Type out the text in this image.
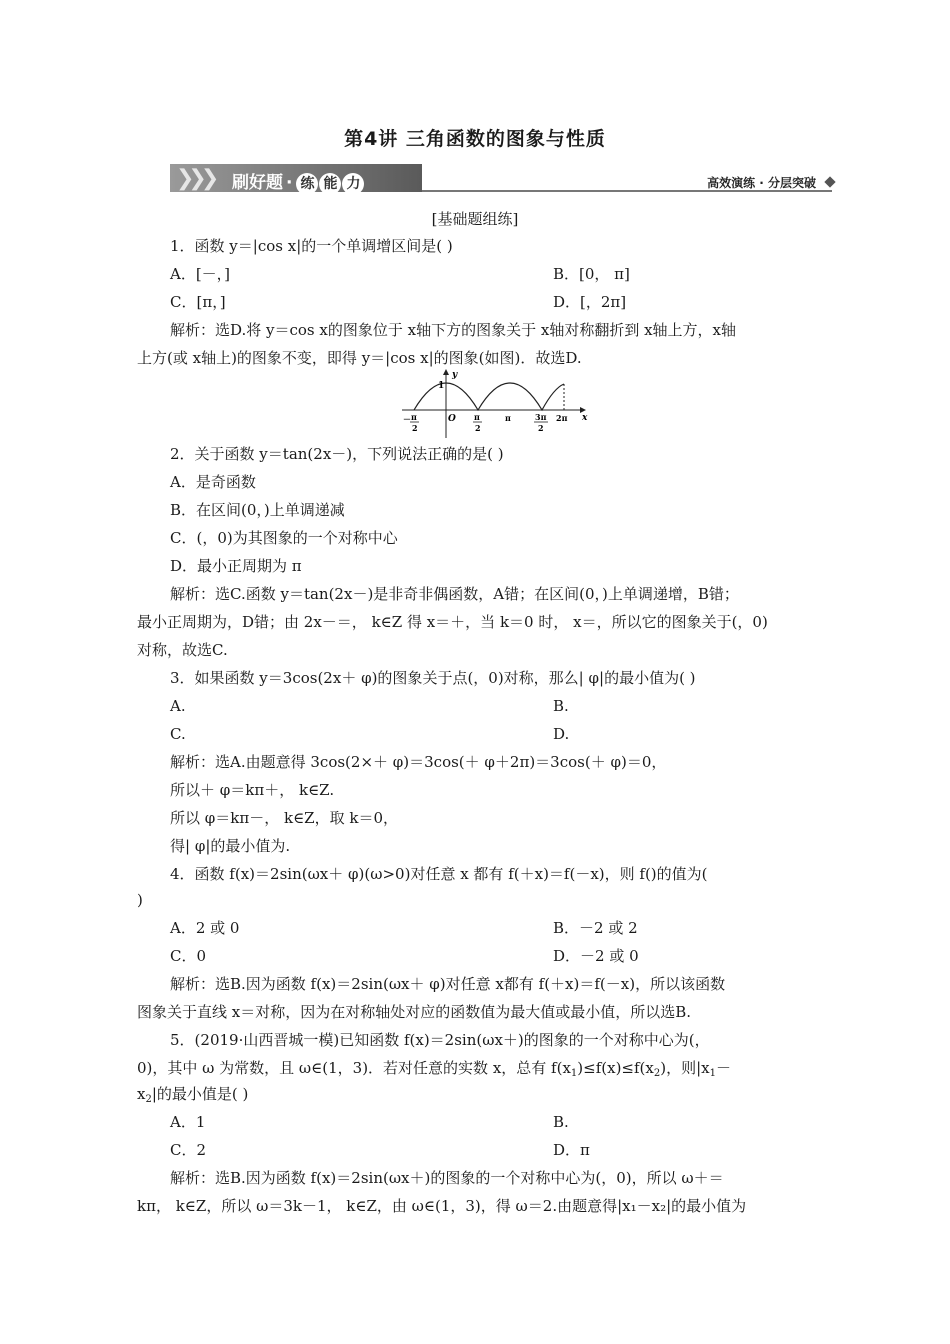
第4讲 三角函数的图象与性质
❯❯❯ 刷好题 · 练 能 力	高效演练 · 分层突破
[基础题组练]
1．函数 y＝|cos x|的一个单调增区间是( )
A．[－，]	B．[0， π]
C．[π，]	D．[，2π]
解析：选D.将 y＝cos x的图象位于 x轴下方的图象关于 x轴对称翻折到 x轴上方，x轴
上方(或 x轴上)的图象不变，即得 y＝|cos x|的图象(如图)．故选D.
y
x
1
O
－ π
2
π
2
π	3π
2
2π
2．关于函数 y＝tan(2x－)，下列说法正确的是( )
A．是奇函数
B．在区间(0，)上单调递减
C．(，0)为其图象的一个对称中心
D．最小正周期为 π
解析：选C.函数 y＝tan(2x－)是非奇非偶函数，A错；在区间(0，)上单调递增，B错；
最小正周期为，D错；由 2x－＝， k∈Z 得 x＝＋，当 k＝0 时， x＝，所以它的图象关于(，0)
对称，故选C.
3．如果函数 y＝3cos(2x＋ φ)的图象关于点(，0)对称，那么| φ|的最小值为( )
A.	B.
C.	D.
解析：选A.由题意得 3cos(2×＋ φ)＝3cos(＋ φ＋2π)＝3cos(＋ φ)＝0，
所以＋ φ＝kπ＋， k∈Z.
所以 φ＝kπ－， k∈Z，取 k＝0，
得| φ|的最小值为.
4．函数 f(x)＝2sin(ωx＋ φ)(ω>0)对任意 x 都有 f(＋x)＝f(－x)，则 f()的值为(
)
A．2 或 0	B．－2 或 2
C．0	D．－2 或 0
解析：选B.因为函数 f(x)＝2sin(ωx＋ φ)对任意 x都有 f(＋x)＝f(－x)，所以该函数
图象关于直线 x＝对称，因为在对称轴处对应的函数值为最大值或最小值，所以选B.
5．(2019·山西晋城一模)已知函数 f(x)＝2sin(ωx＋)的图象的一个对称中心为(，
0)，其中 ω 为常数，且 ω∈(1，3)．若对任意的实数 x，总有 $f(x_1)\le f(x)\le f(x_2)$，则$|x_1-$
$x_2|$的最小值是( )
A．1	B.
C．2	D．π
解析：选B.因为函数 f(x)＝2sin(ωx＋)的图象的一个对称中心为(，0)，所以 ω＋＝
kπ， k∈Z，所以 ω＝3k－1， k∈Z，由 ω∈(1，3)，得 ω＝2.由题意得|x₁－x₂|的最小值为
